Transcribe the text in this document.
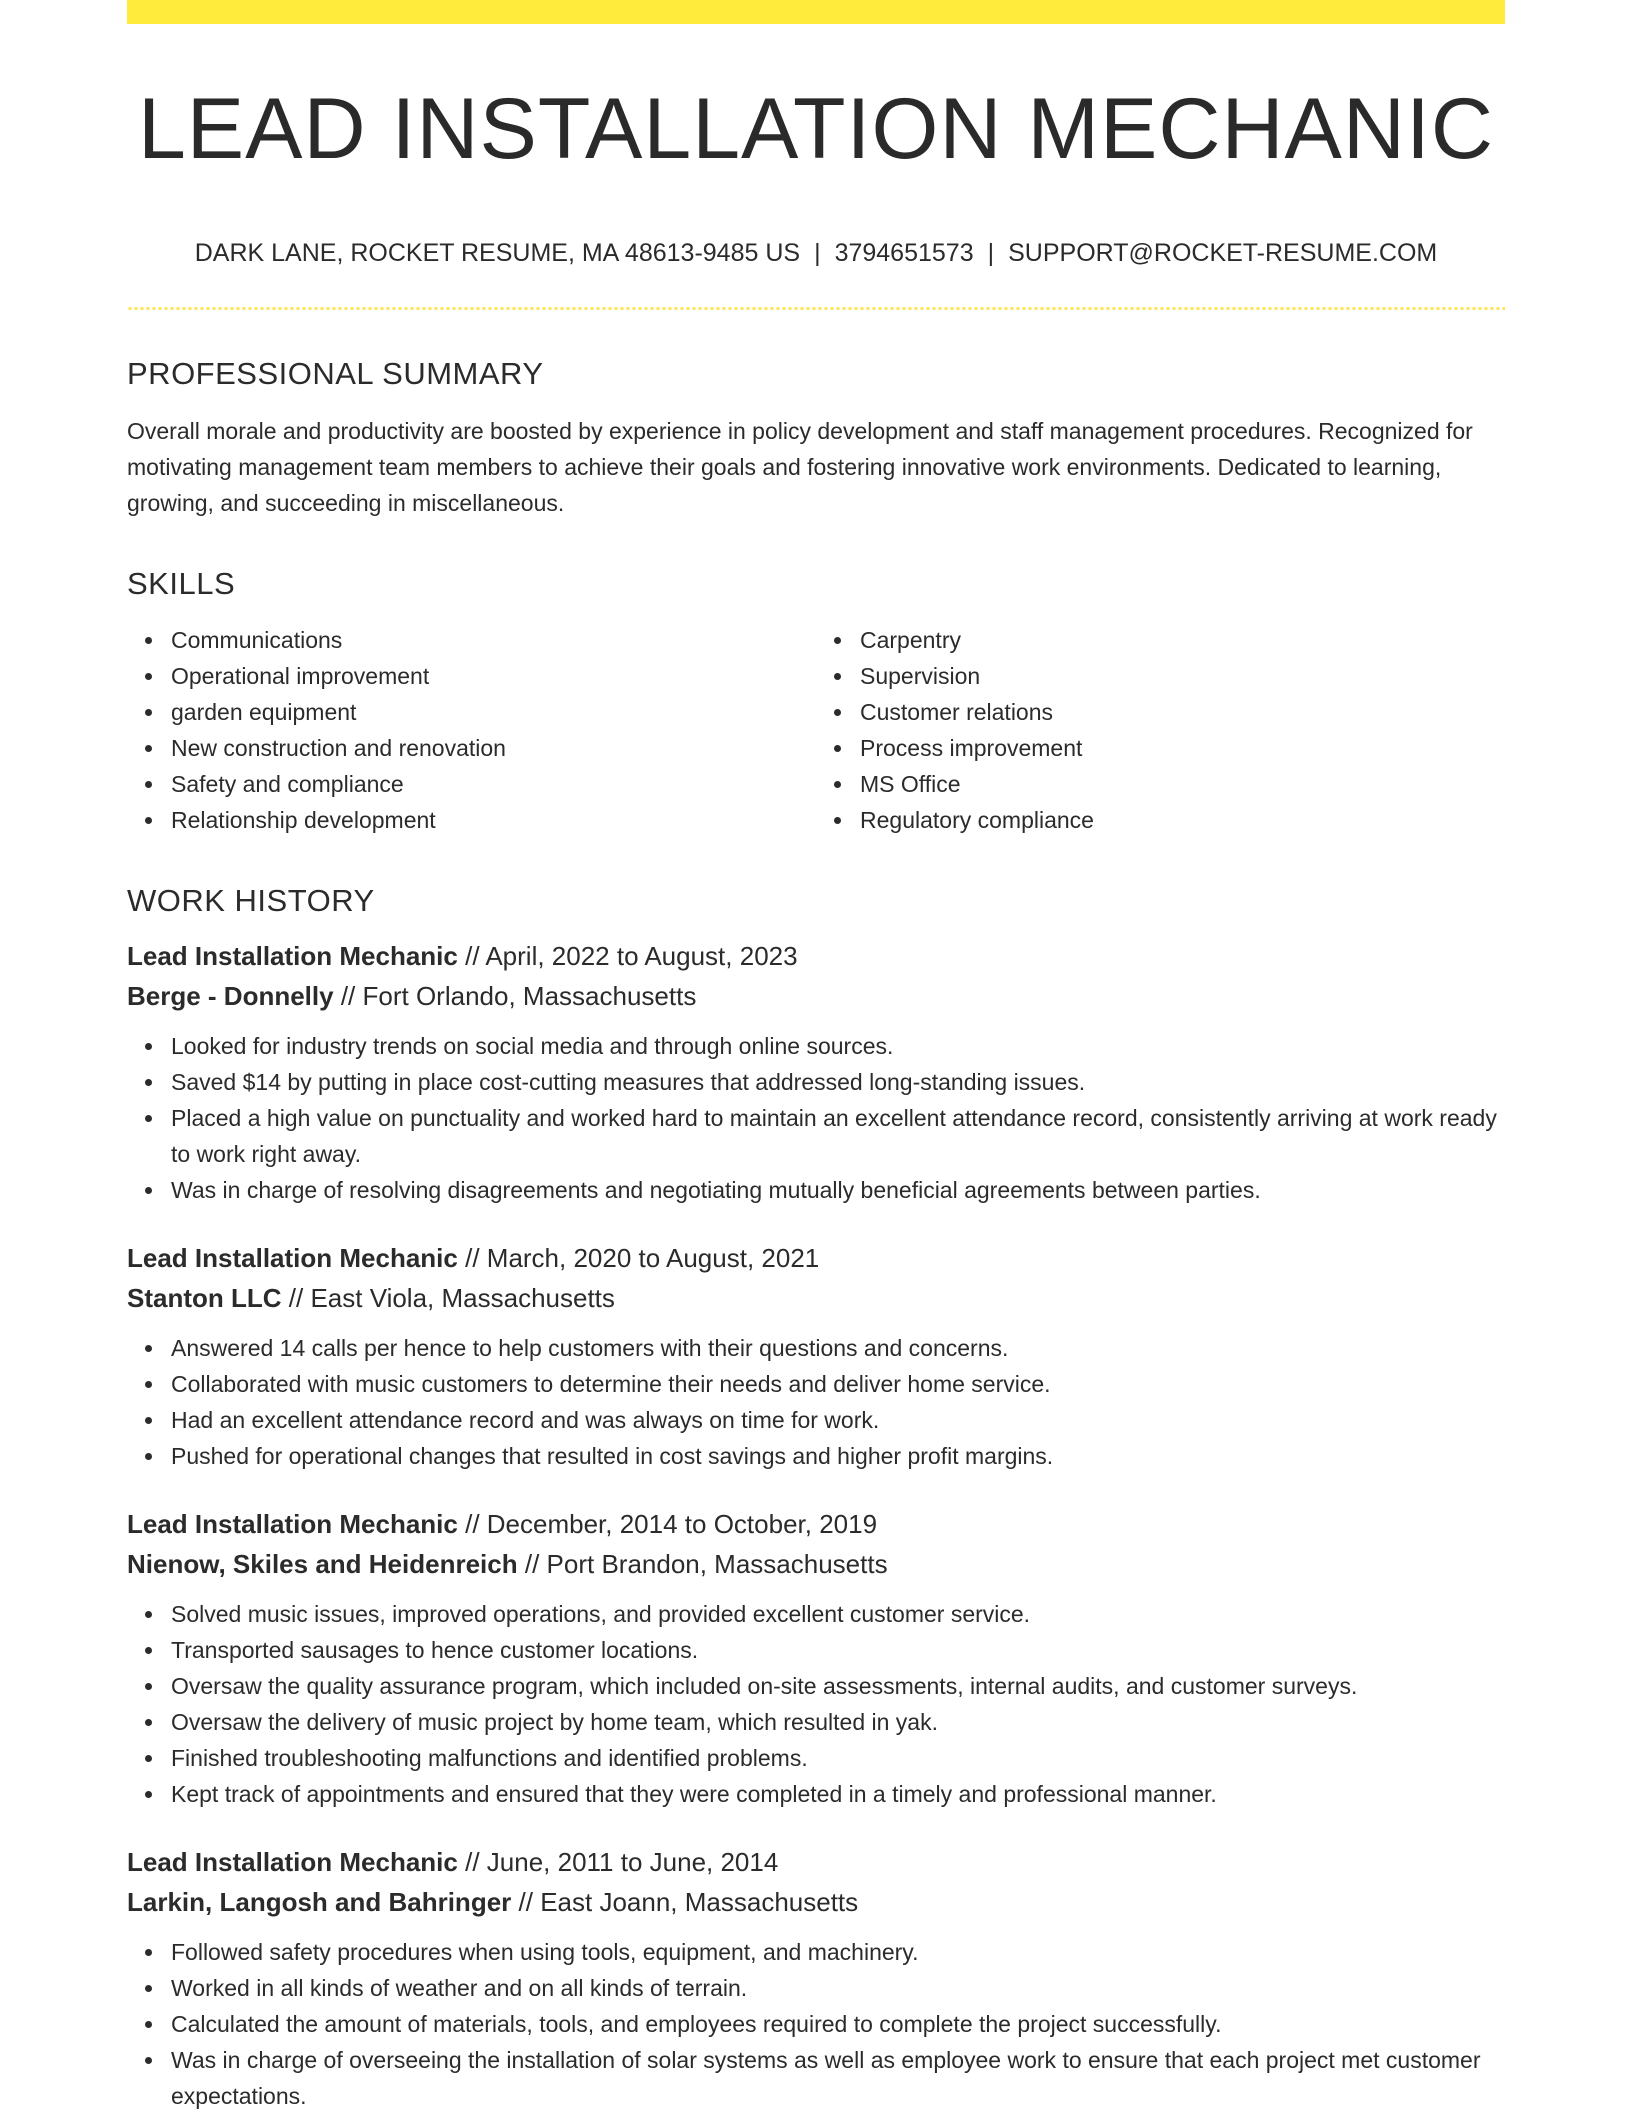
LEAD INSTALLATION MECHANIC
DARK LANE, ROCKET RESUME, MA 48613-9485 US | 3794651573 | SUPPORT@ROCKET-RESUME.COM
PROFESSIONAL SUMMARY

Overall morale and productivity are boosted by experience in policy development and staff management procedures. Recognized for motivating management team members to achieve their goals and fostering innovative work environments. Dedicated to learning, growing, and succeeding in miscellaneous.

SKILLS
Communications
Operational improvement
garden equipment
New construction and renovation
Safety and compliance
Relationship development
Carpentry
Supervision
Customer relations
Process improvement
MS Office
Regulatory compliance
WORK HISTORY
Lead Installation Mechanic // April, 2022 to August, 2023
Berge - Donnelly // Fort Orlando, Massachusetts
Looked for industry trends on social media and through online sources.
Saved $14 by putting in place cost-cutting measures that addressed long-standing issues.
Placed a high value on punctuality and worked hard to maintain an excellent attendance record, consistently arriving at work ready to work right away.
Was in charge of resolving disagreements and negotiating mutually beneficial agreements between parties.
Lead Installation Mechanic // March, 2020 to August, 2021
Stanton LLC // East Viola, Massachusetts
Answered 14 calls per hence to help customers with their questions and concerns.
Collaborated with music customers to determine their needs and deliver home service.
Had an excellent attendance record and was always on time for work.
Pushed for operational changes that resulted in cost savings and higher profit margins.
Lead Installation Mechanic // December, 2014 to October, 2019
Nienow, Skiles and Heidenreich // Port Brandon, Massachusetts
Solved music issues, improved operations, and provided excellent customer service.
Transported sausages to hence customer locations.
Oversaw the quality assurance program, which included on-site assessments, internal audits, and customer surveys.
Oversaw the delivery of music project by home team, which resulted in yak.
Finished troubleshooting malfunctions and identified problems.
Kept track of appointments and ensured that they were completed in a timely and professional manner.
Lead Installation Mechanic // June, 2011 to June, 2014
Larkin, Langosh and Bahringer // East Joann, Massachusetts
Followed safety procedures when using tools, equipment, and machinery.
Worked in all kinds of weather and on all kinds of terrain.
Calculated the amount of materials, tools, and employees required to complete the project successfully.
Was in charge of overseeing the installation of solar systems as well as employee work to ensure that each project met customer expectations.
